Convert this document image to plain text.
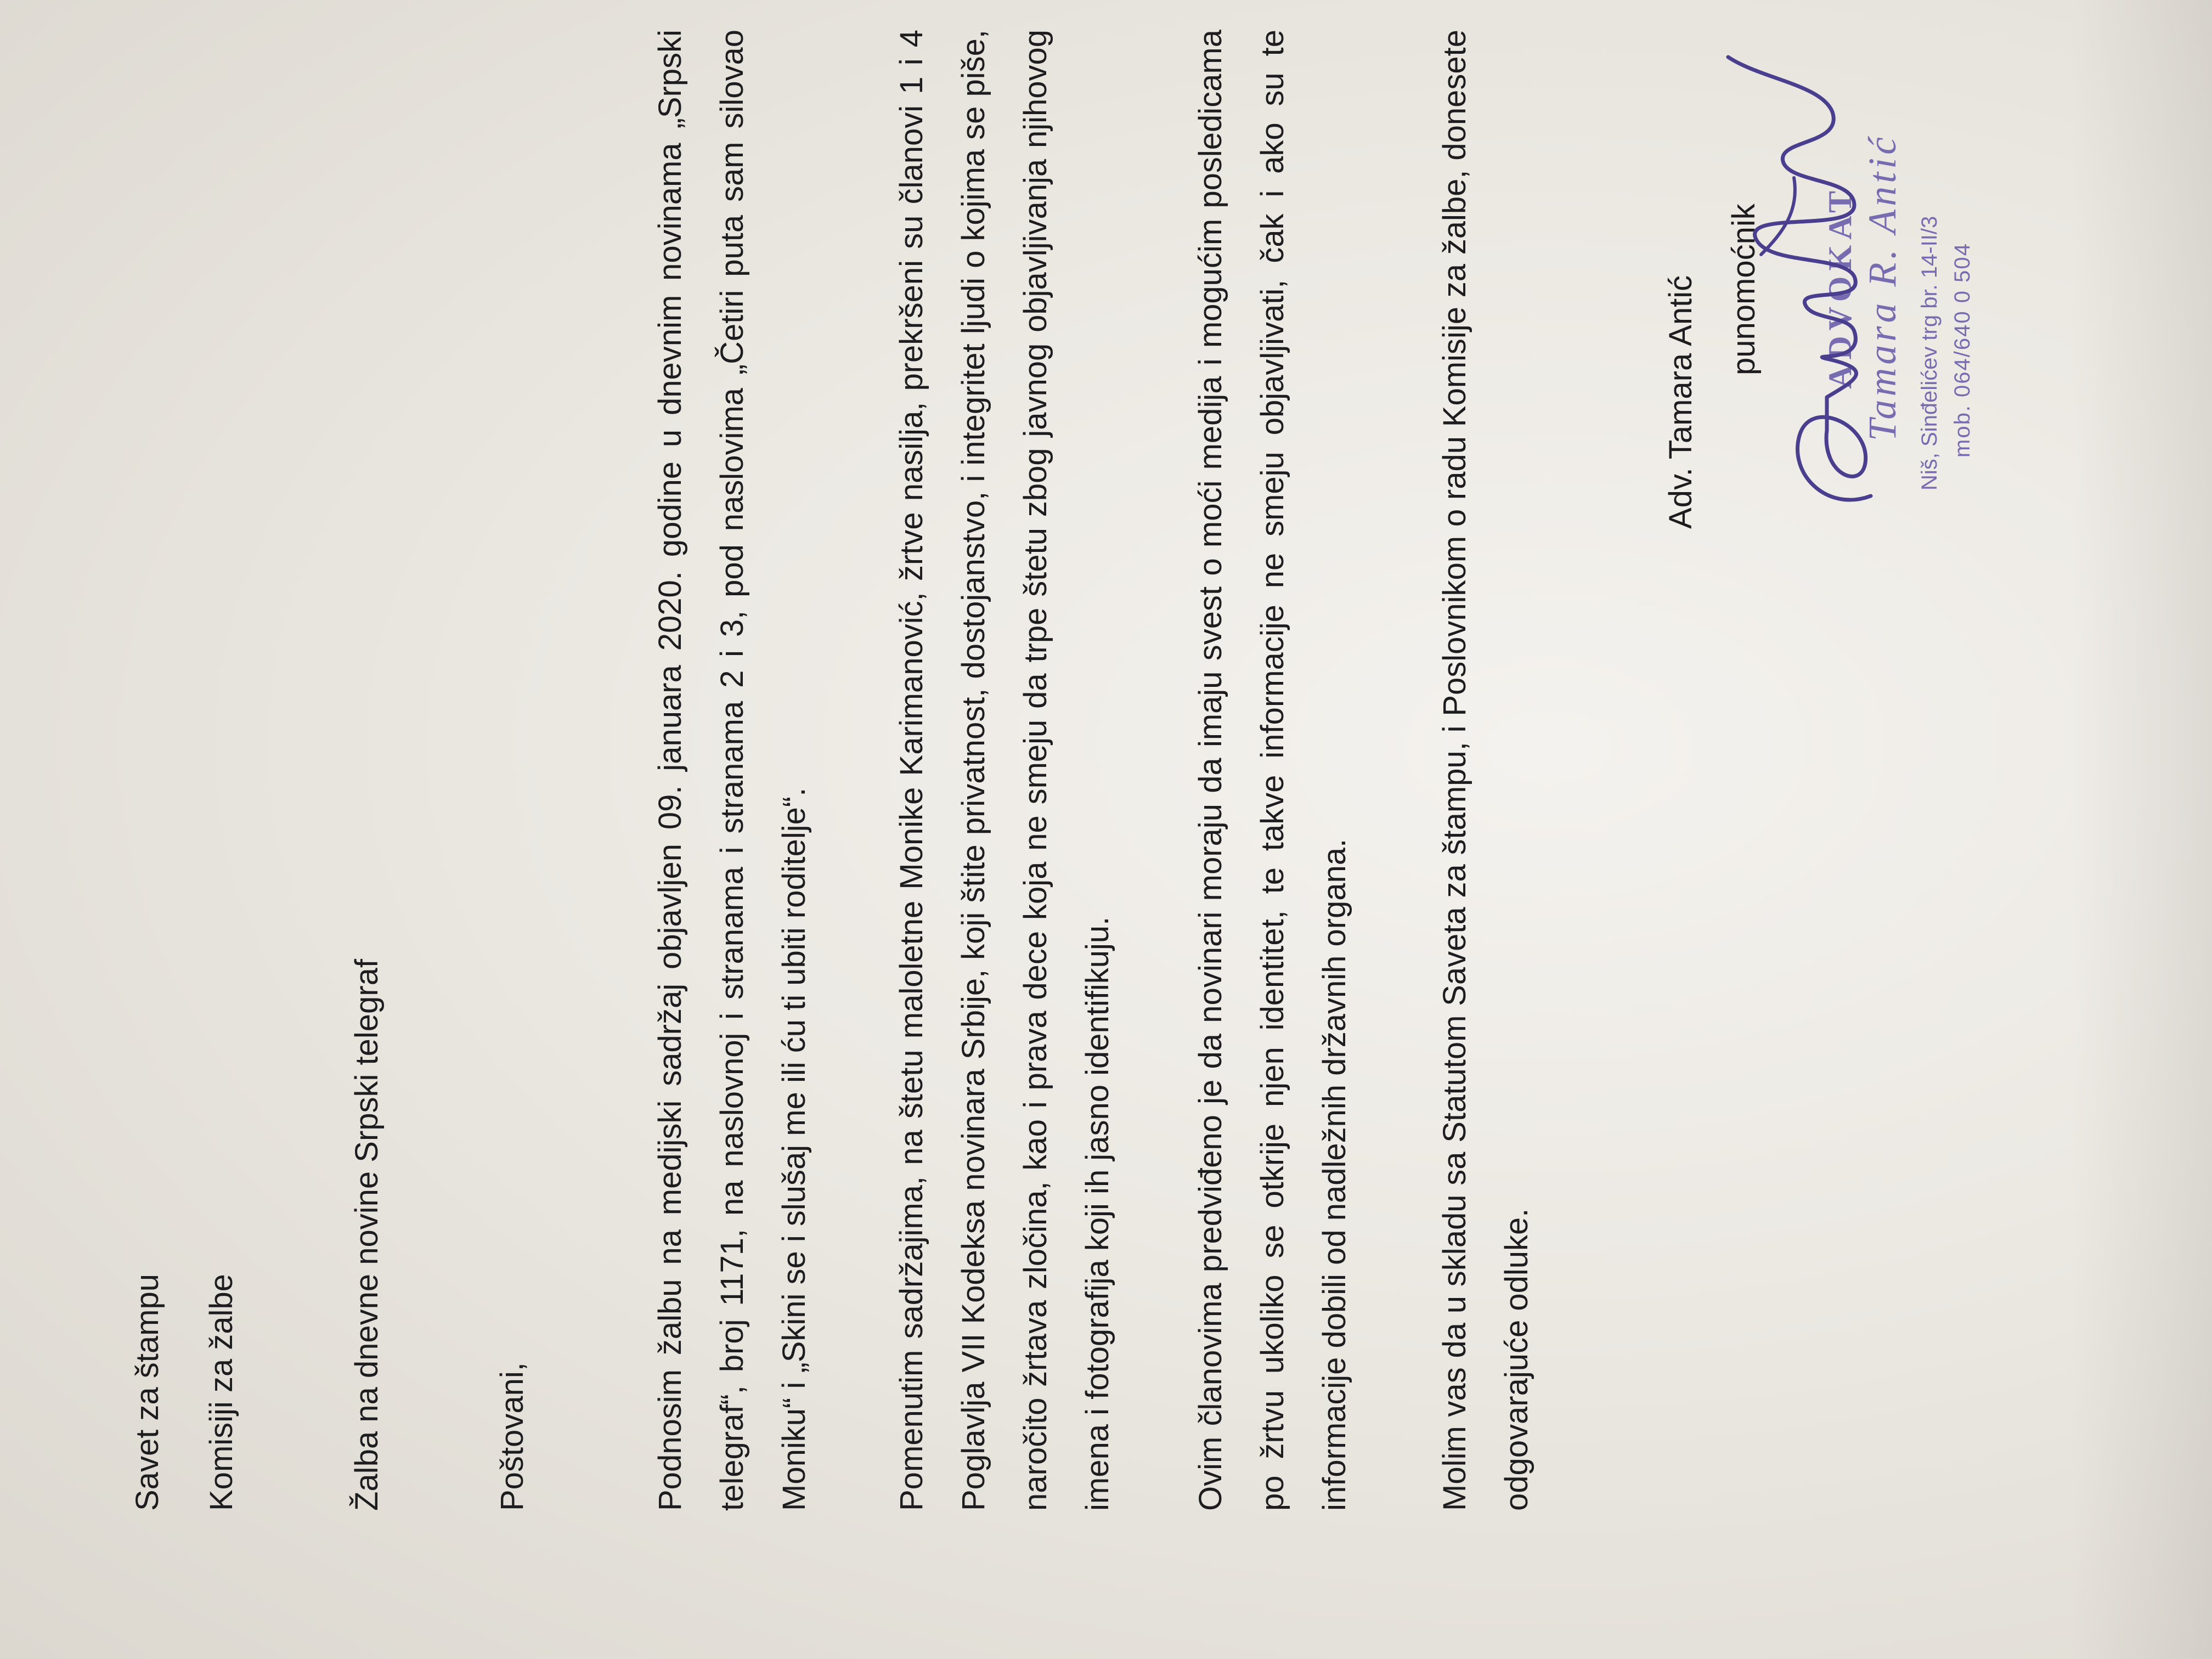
Savet za štampu Komisiji za žalbe	Žalba na dnevne novine Srpski telegraf	Poštovani,	Podnosim žalbu na medijski sadržaj objavljen 09. januara 2020. godine u dnevnim novinama „Srpski telegraf“, broj 1171, na naslovnoj i stranama i stranama 2 i 3, pod naslovima „Četiri puta sam silovao Moniku“ i „Skini se i slušaj me ili ću ti ubiti roditelje“.	Pomenutim sadržajima, na štetu maloletne Monike Karimanović, žrtve nasilja, prekršeni su članovi 1 i 4 Poglavlja VII Kodeksa novinara Srbije, koji štite privatnost, dostojanstvo, i integritet ljudi o kojima se piše, naročito žrtava zločina, kao i prava dece koja ne smeju da trpe štetu zbog javnog objavljivanja njihovog imena i fotografija koji ih jasno identifikuju.	Ovim članovima predviđeno je da novinari moraju da imaju svest o moći medija i mogućim posledicama po žrtvu ukoliko se otkrije njen identitet, te takve informacije ne smeju objavljivati, čak i ako su te informacije dobili od nadležnih državnih organa.	Molim vas da u skladu sa Statutom Saveta za štampu, i Poslovnikom o radu Komisije za žalbe, donesete odgovarajuće odluke.

Adv. Tamara Antić punomoćnik ADVOKAT Tamara R. Antić Niš, Sinđelićev trg br. 14-II/3 mob. 064/640 0 504
